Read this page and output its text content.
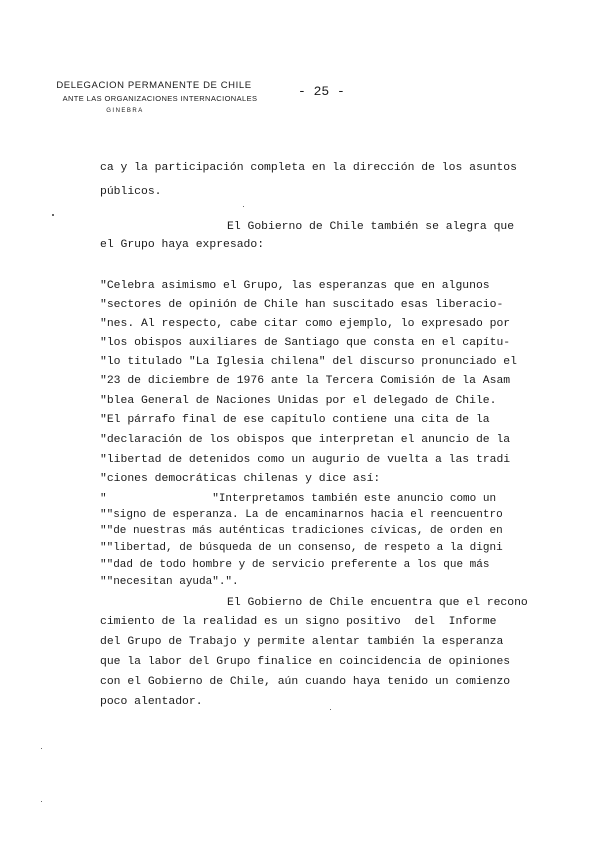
DELEGACION PERMANENTE DE CHILE
ANTE LAS ORGANIZACIONES INTERNACIONALES
GINEBRA
- 25 -
ca y la participación completa en la dirección de los asuntos
públicos.
El Gobierno de Chile también se alegra que
el Grupo haya expresado:
"Celebra asimismo el Grupo, las esperanzas que en algunos
"sectores de opinión de Chile han suscitado esas liberacio-
"nes. Al respecto, cabe citar como ejemplo, lo expresado por
"los obispos auxiliares de Santiago que consta en el capítu-
"lo titulado "La Iglesia chilena" del discurso pronunciado el
"23 de diciembre de 1976 ante la Tercera Comisión de la Asam
"blea General de Naciones Unidas por el delegado de Chile.
"El párrafo final de ese capítulo contiene una cita de la
"declaración de los obispos que interpretan el anuncio de la
"libertad de detenidos como un augurio de vuelta a las tradi
"ciones democráticas chilenas y dice así:
"                "Interpretamos también este anuncio como un
""signo de esperanza. La de encaminarnos hacia el reencuentro
""de nuestras más auténticas tradiciones cívicas, de orden en
""libertad, de búsqueda de un consenso, de respeto a la digni
""dad de todo hombre y de servicio preferente a los que más
""necesitan ayuda".".
El Gobierno de Chile encuentra que el recono
cimiento de la realidad es un signo positivo  del  Informe
del Grupo de Trabajo y permite alentar también la esperanza
que la labor del Grupo finalice en coincidencia de opiniones
con el Gobierno de Chile, aún cuando haya tenido un comienzo
poco alentador.
